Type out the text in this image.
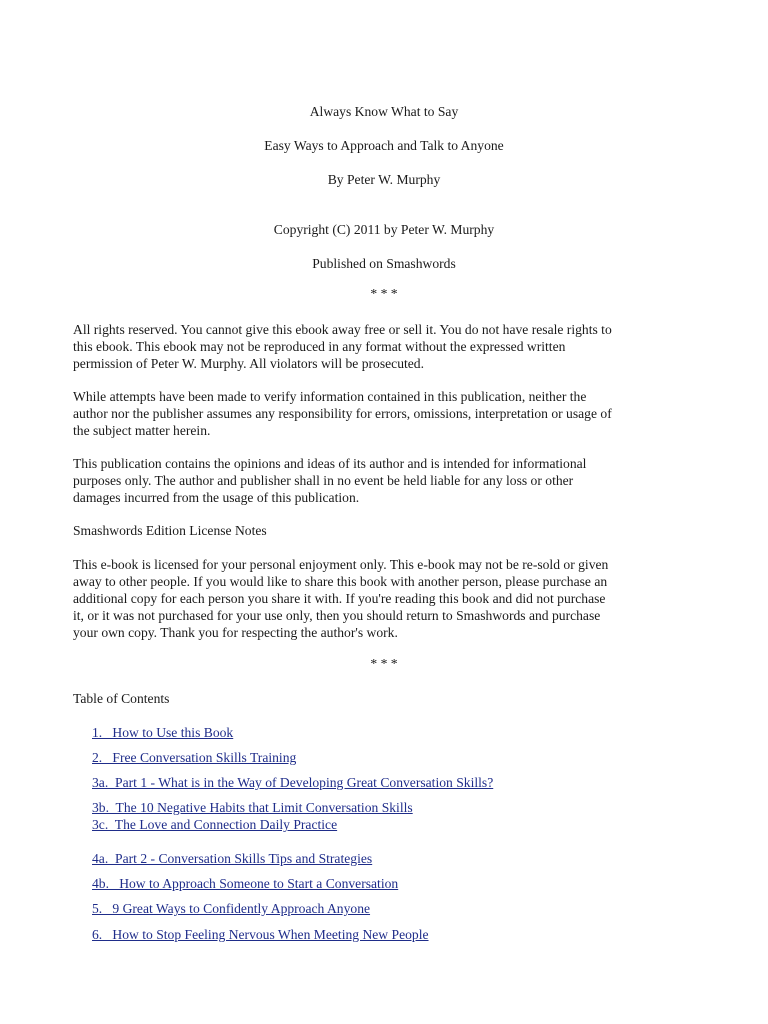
Always Know What to Say
Easy Ways to Approach and Talk to Anyone
By Peter W. Murphy
Copyright (C) 2011 by Peter W. Murphy
Published on Smashwords
* * *

All rights reserved. You cannot give this ebook away free or sell it. You do not have resale rights to
this ebook. This ebook may not be reproduced in any format without the expressed written
permission of Peter W. Murphy. All violators will be prosecuted.

While attempts have been made to verify information contained in this publication, neither the
author nor the publisher assumes any responsibility for errors, omissions, interpretation or usage of
the subject matter herein.

This publication contains the opinions and ideas of its author and is intended for informational
purposes only. The author and publisher shall in no event be held liable for any loss or other
damages incurred from the usage of this publication.

Smashwords Edition License Notes

This e-book is licensed for your personal enjoyment only. This e-book may not be re-sold or given
away to other people. If you would like to share this book with another person, please purchase an
additional copy for each person you share it with. If you're reading this book and did not purchase
it, or it was not purchased for your use only, then you should return to Smashwords and purchase
your own copy. Thank you for respecting the author's work.

* * *
Table of Contents
1.   How to Use this Book
2.   Free Conversation Skills Training
3a.  Part 1 - What is in the Way of Developing Great Conversation Skills?
3b.  The 10 Negative Habits that Limit Conversation Skills
3c.  The Love and Connection Daily Practice
4a.  Part 2 - Conversation Skills Tips and Strategies
4b.   How to Approach Someone to Start a Conversation
5.   9 Great Ways to Confidently Approach Anyone
6.   How to Stop Feeling Nervous When Meeting New People
